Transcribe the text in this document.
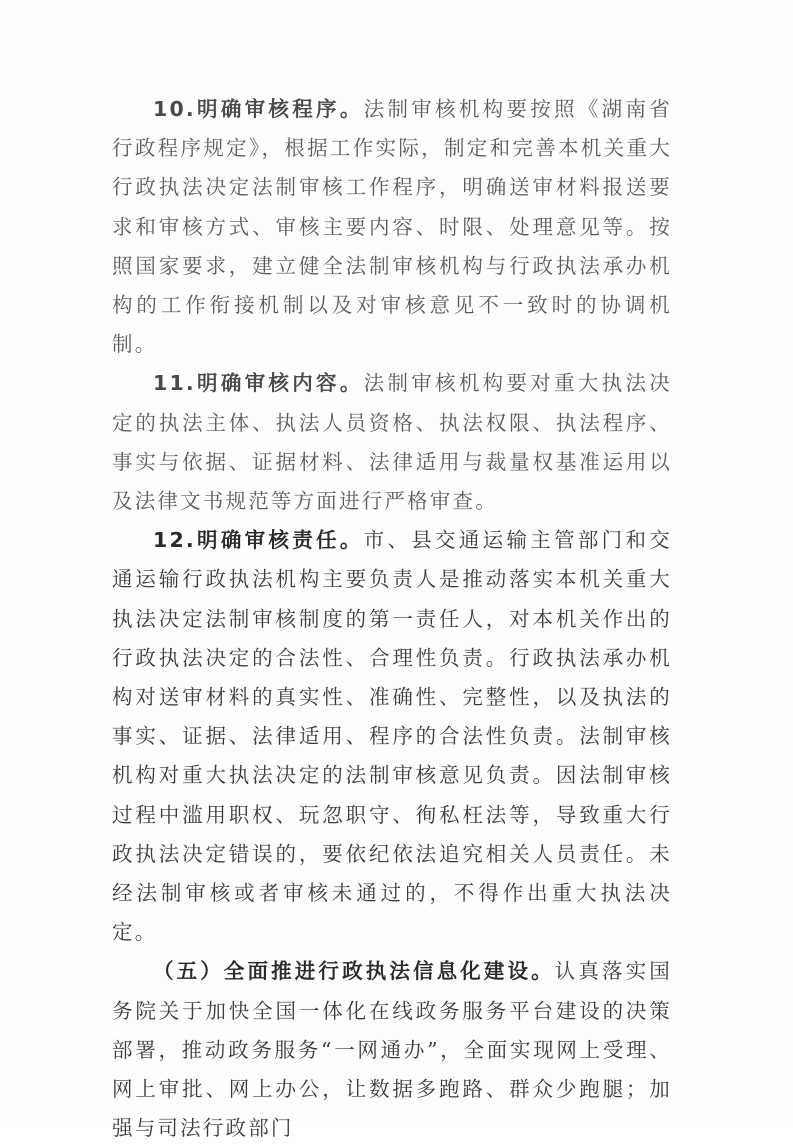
10.明确审核程序。法制审核机构要按照《湖南省行政程序规定》，根据工作实际，制定和完善本机关重大行政执法决定法制审核工作程序，明确送审材料报送要求和审核方式、审核主要内容、时限、处理意见等。按照国家要求，建立健全法制审核机构与行政执法承办机构的工作衔接机制以及对审核意见不一致时的协调机制。

11.明确审核内容。法制审核机构要对重大执法决定的执法主体、执法人员资格、执法权限、执法程序、事实与依据、证据材料、法律适用与裁量权基准运用以及法律文书规范等方面进行严格审查。

12.明确审核责任。市、县交通运输主管部门和交通运输行政执法机构主要负责人是推动落实本机关重大执法决定法制审核制度的第一责任人，对本机关作出的行政执法决定的合法性、合理性负责。行政执法承办机构对送审材料的真实性、准确性、完整性，以及执法的事实、证据、法律适用、程序的合法性负责。法制审核机构对重大执法决定的法制审核意见负责。因法制审核过程中滥用职权、玩忽职守、徇私枉法等，导致重大行政执法决定错误的，要依纪依法追究相关人员责任。未经法制审核或者审核未通过的，不得作出重大执法决定。

（五）全面推进行政执法信息化建设。认真落实国务院关于加快全国一体化在线政务服务平台建设的决策部署，推动政务服务“一网通办”，全面实现网上受理、网上审批、网上办公，让数据多跑路、群众少跑腿；加强与司法行政部门
